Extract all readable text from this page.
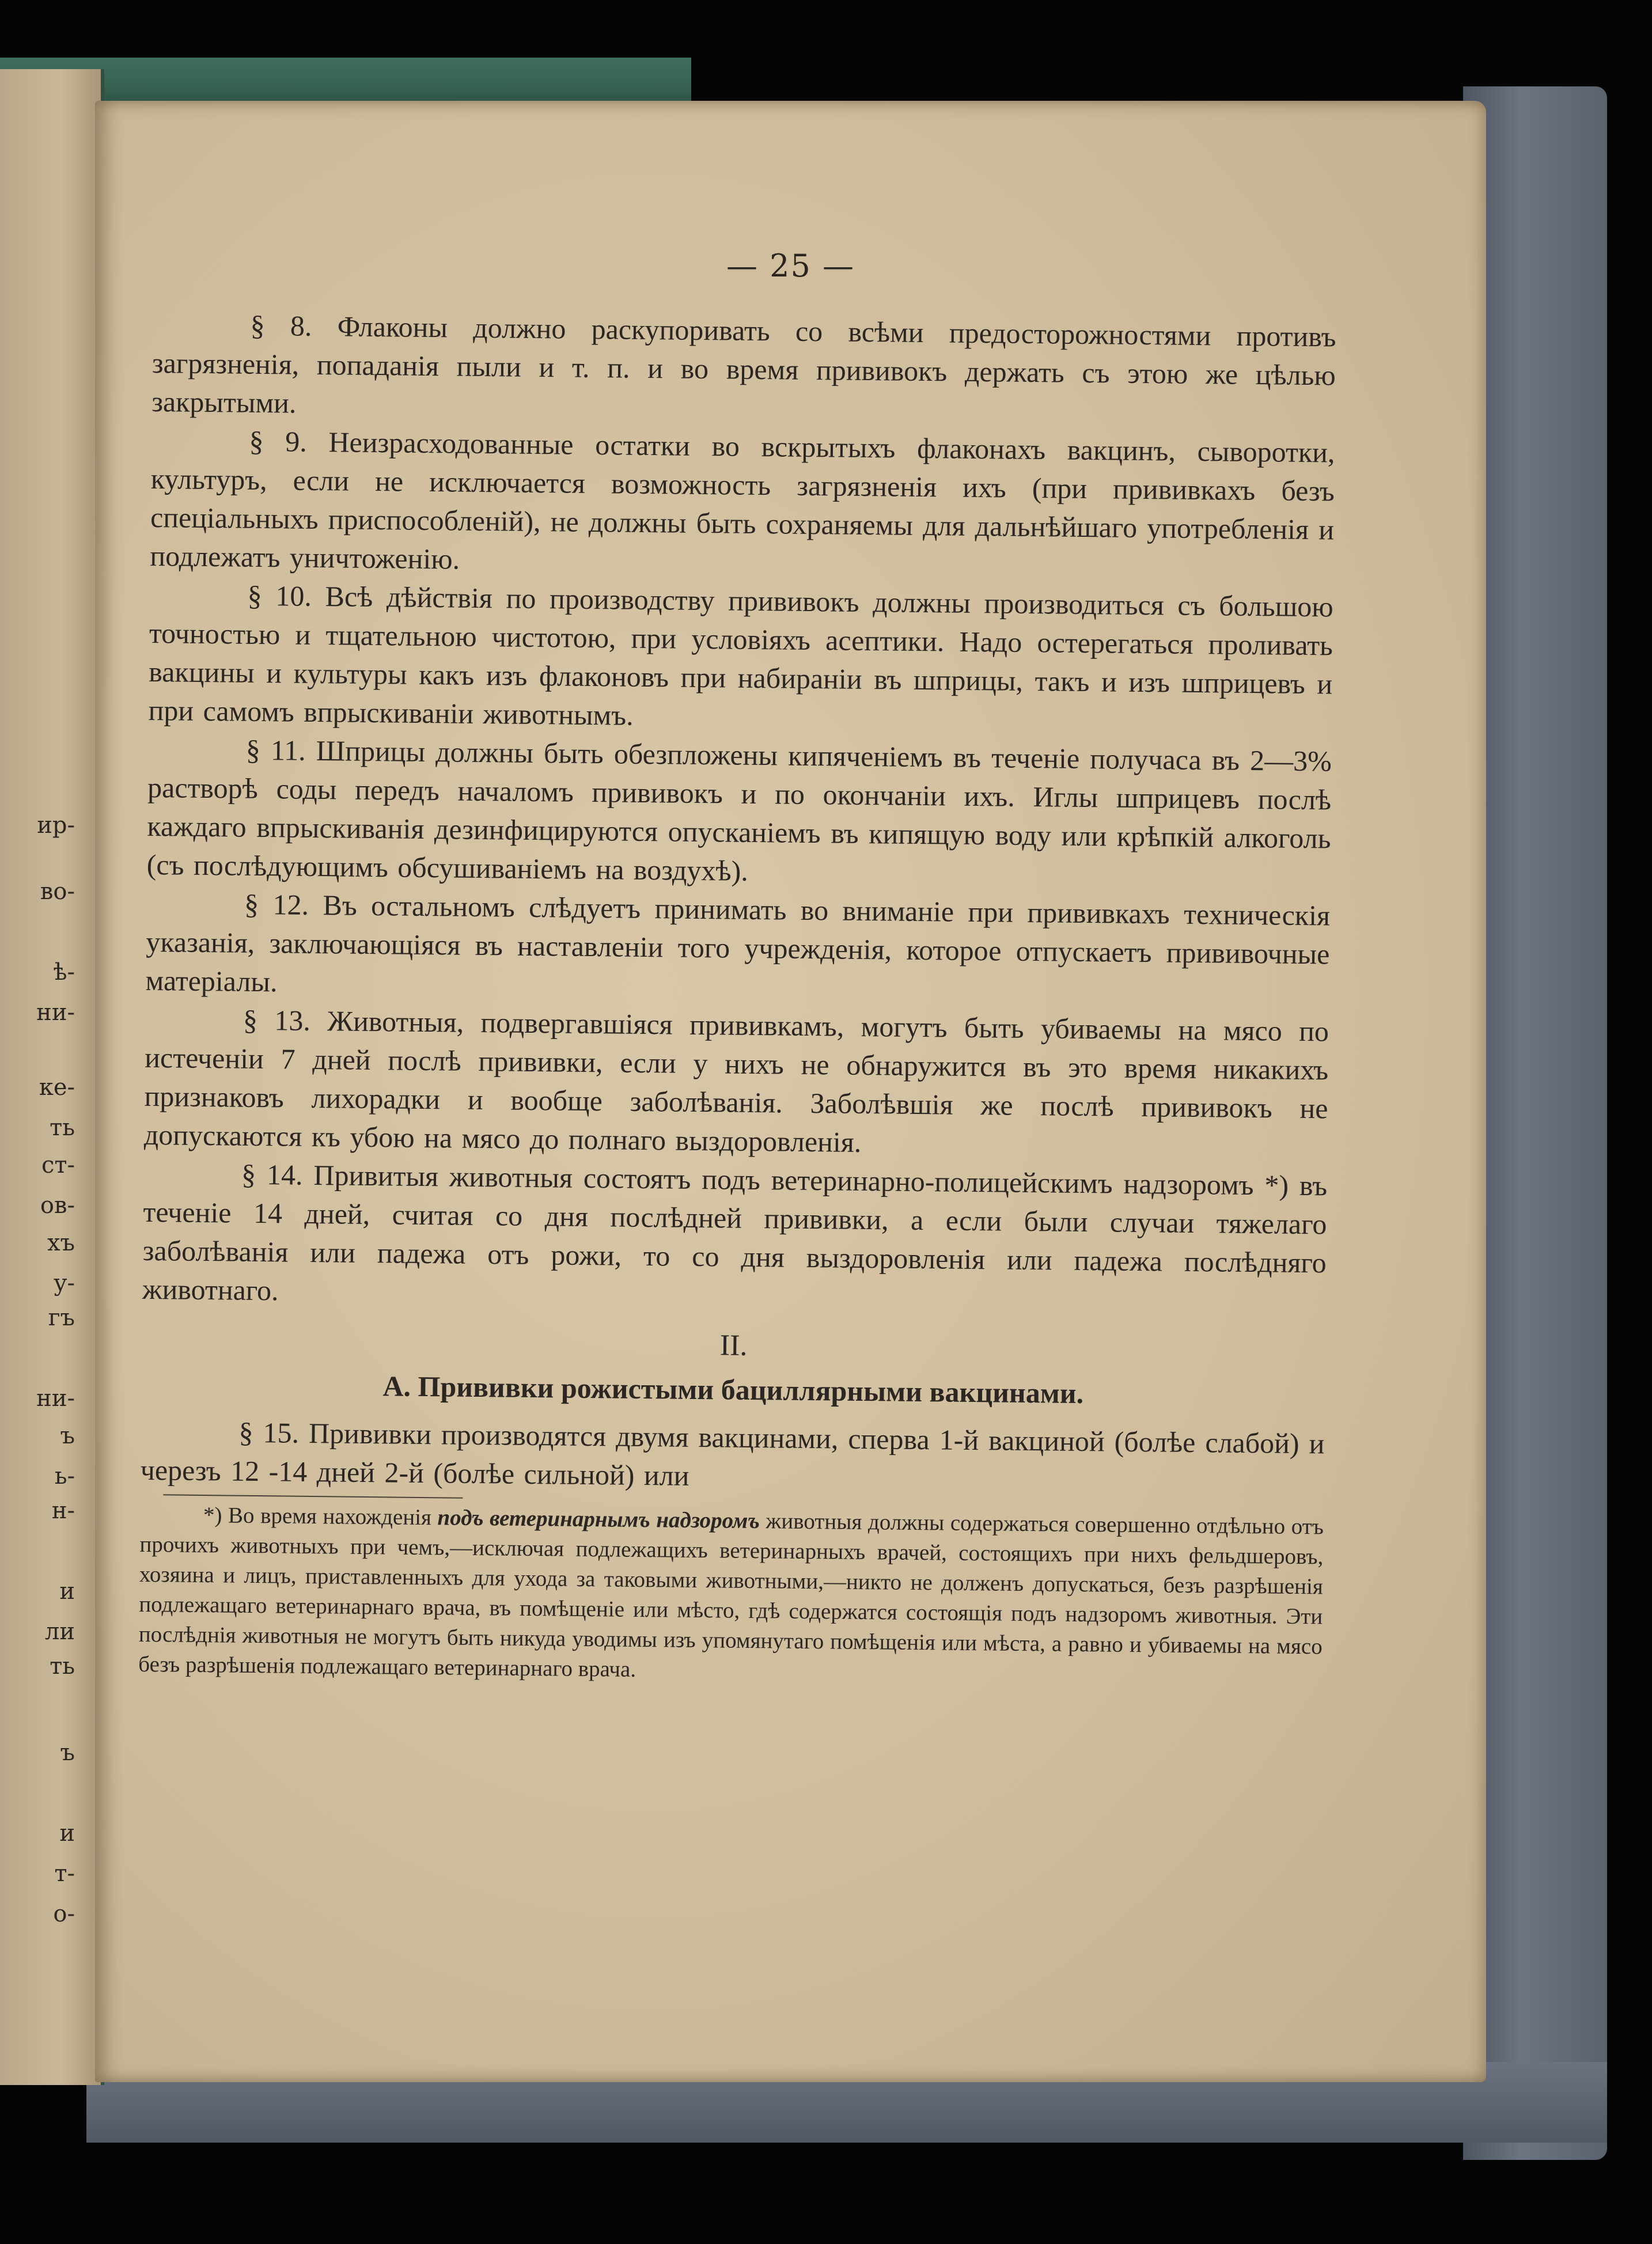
ир-
во-
ѣ-
ни-
ке-
ть
ст-
ов-
хъ
у-
гъ
ни-
ъ
ь-
н-
и
ли
ть
ъ
и
т-
о-
— 25 —

§ 8. Флаконы должно раскупоривать со всѣми предосторожностями противъ загрязненія, попаданія пыли и т. п. и во время прививокъ держать съ этою же цѣлью закрытыми.

§ 9. Неизрасходованные остатки во вскрытыхъ флаконахъ вакцинъ, сыворотки, культуръ, если не исключается возможность загрязненія ихъ (при прививкахъ безъ спеціальныхъ приспособленій), не должны быть сохраняемы для дальнѣйшаго употребленія и подлежатъ уничтоженію.

§ 10. Всѣ дѣйствія по производству прививокъ должны производиться съ большою точностью и тщательною чистотою, при условіяхъ асептики. Надо остерегаться проливать вакцины и культуры какъ изъ флаконовъ при набираніи въ шприцы, такъ и изъ шприцевъ и при самомъ впрыскиваніи животнымъ.

§ 11. Шприцы должны быть обезпложены кипяченіемъ въ теченіе получаса въ 2—3% растворѣ соды передъ началомъ прививокъ и по окончаніи ихъ. Иглы шприцевъ послѣ каждаго впрыскиванія дезинфицируются опусканіемъ въ кипящую воду или крѣпкій алкоголь (съ послѣдующимъ обсушиваніемъ на воздухѣ).

§ 12. Въ остальномъ слѣдуетъ принимать во вниманіе при прививкахъ техническія указанія, заключающіяся въ наставленіи того учрежденія, которое отпускаетъ прививочные матеріалы.

§ 13. Животныя, подвергавшіяся прививкамъ, могутъ быть убиваемы на мясо по истеченіи 7 дней послѣ прививки, если у нихъ не обнаружится въ это время никакихъ признаковъ лихорадки и вообще заболѣванія. Заболѣвшія же послѣ прививокъ не допускаются къ убою на мясо до полнаго выздоровленія.

§ 14. Привитыя животныя состоятъ подъ ветеринарно-полицейскимъ надзоромъ *) въ теченіе 14 дней, считая со дня послѣдней прививки, а если были случаи тяжелаго заболѣванія или падежа отъ рожи, то со дня выздоровленія или падежа послѣдняго животнаго.

II.
А. Прививки рожистыми бациллярными вакцинами.

§ 15. Прививки производятся двумя вакцинами, сперва 1-й вакциной (болѣе слабой) и черезъ 12 -14 дней 2-й (болѣе сильной) или

*) Во время нахожденія подъ ветеринарнымъ надзоромъ животныя должны содержаться совершенно отдѣльно отъ прочихъ животныхъ при чемъ,—исключая подлежащихъ ветеринарныхъ врачей, состоящихъ при нихъ фельдшеровъ, хозяина и лицъ, приставленныхъ для ухода за таковыми животными,—никто не долженъ допускаться, безъ разрѣшенія подлежащаго ветеринарнаго врача, въ помѣщеніе или мѣсто, гдѣ содержатся состоящія подъ надзоромъ животныя. Эти послѣднія животныя не могутъ быть никуда уводимы изъ упомянутаго помѣщенія или мѣста, а равно и убиваемы на мясо безъ разрѣшенія подлежащаго ветеринарнаго врача.
